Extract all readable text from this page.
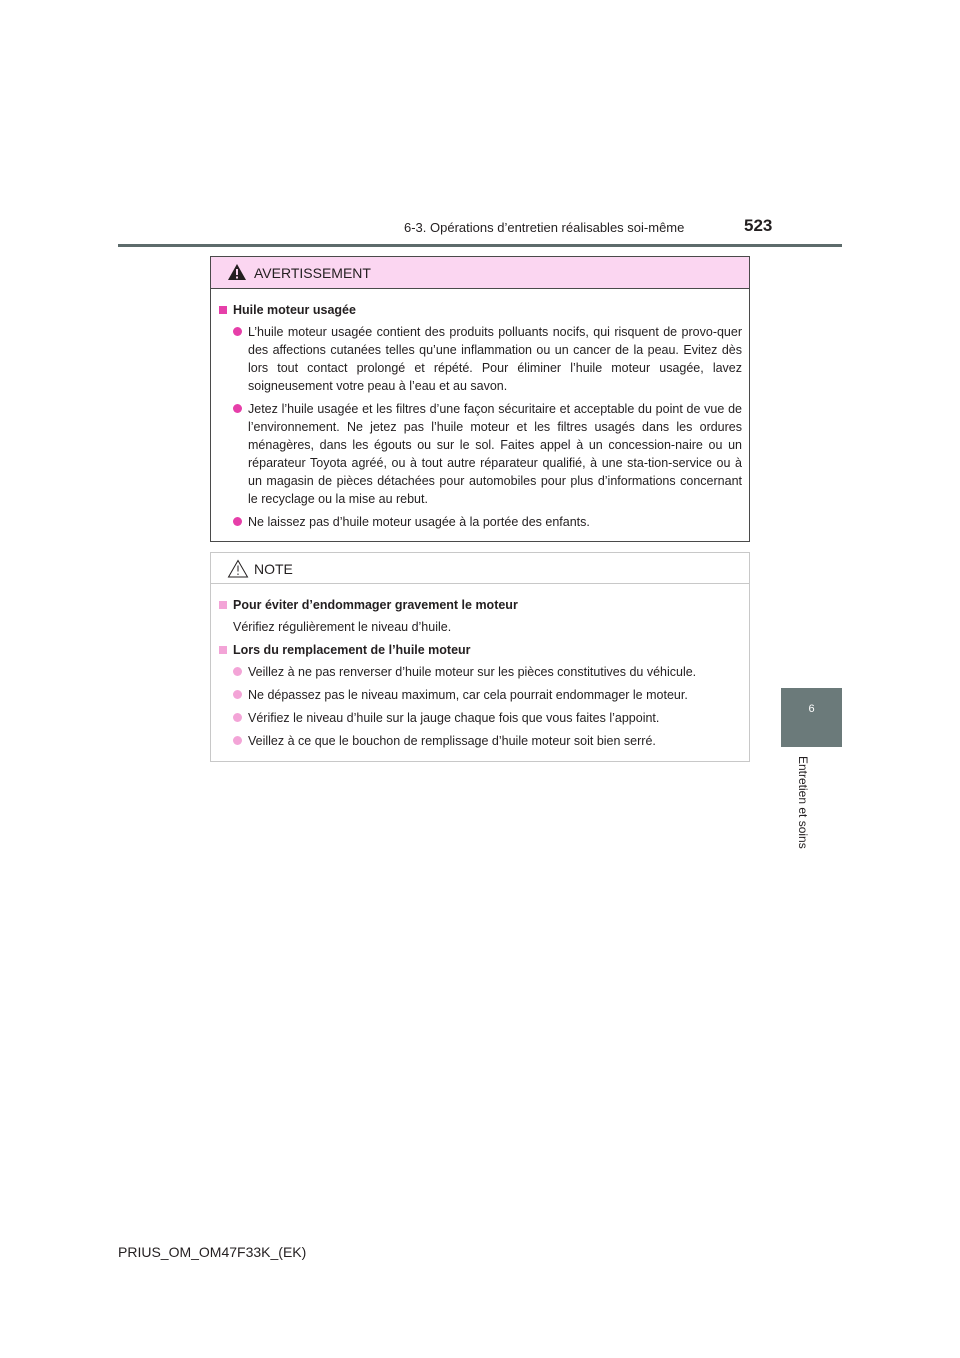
6-3. Opérations d’entretien réalisables soi-même	523
6
Entretien et soins
AVERTISSEMENT
Huile moteur usagée
L’huile moteur usagée contient des produits polluants nocifs, qui risquent de provo-quer des affections cutanées telles qu’une inflammation ou un cancer de la peau. Evitez dès lors tout contact prolongé et répété. Pour éliminer l’huile moteur usagée, lavez soigneusement votre peau à l’eau et au savon.
Jetez l’huile usagée et les filtres d’une façon sécuritaire et acceptable du point de vue de l’environnement. Ne jetez pas l’huile moteur et les filtres usagés dans les ordures ménagères, dans les égouts ou sur le sol. Faites appel à un concession-naire ou un réparateur Toyota agréé, ou à tout autre réparateur qualifié, à une sta-tion-service ou à un magasin de pièces détachées pour automobiles pour plus d’informations concernant le recyclage ou la mise au rebut.
Ne laissez pas d’huile moteur usagée à la portée des enfants.
NOTE
Pour éviter d’endommager gravement le moteur
Vérifiez régulièrement le niveau d’huile.
Lors du remplacement de l’huile moteur
Veillez à ne pas renverser d’huile moteur sur les pièces constitutives du véhicule.
Ne dépassez pas le niveau maximum, car cela pourrait endommager le moteur.
Vérifiez le niveau d’huile sur la jauge chaque fois que vous faites l’appoint.
Veillez à ce que le bouchon de remplissage d’huile moteur soit bien serré.
PRIUS_OM_OM47F33K_(EK)
